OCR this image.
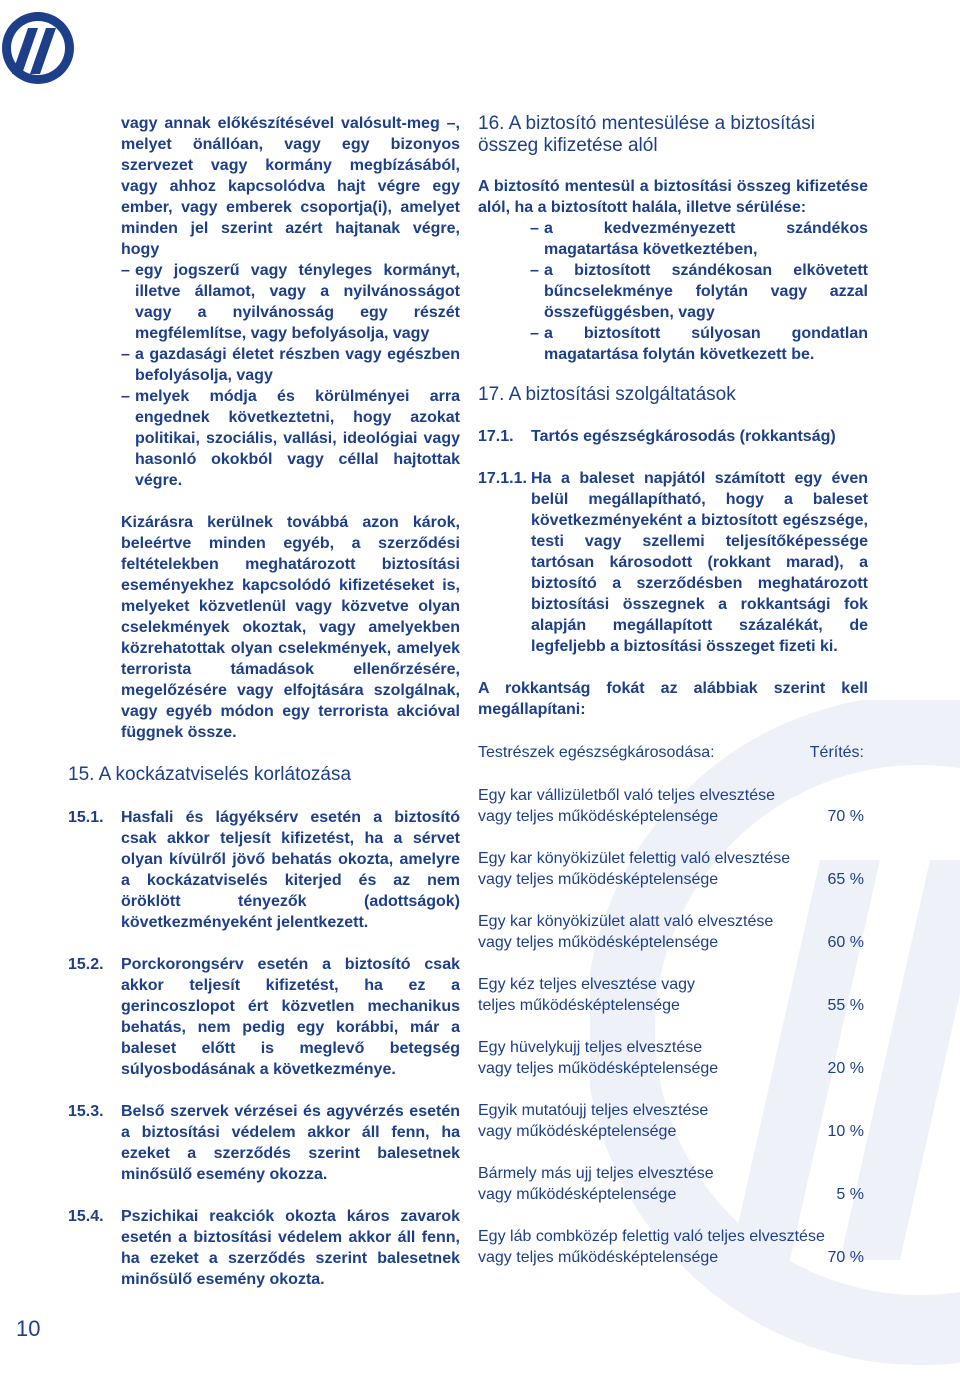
vagy annak előkészítésével valósult-meg –, melyet önállóan, vagy egy bizonyos szervezet vagy kormány megbízásából, vagy ahhoz kapcsolódva hajt végre egy ember, vagy emberek csoportja(i), amelyet minden jel szerint azért hajtanak végre, hogy

– egy jogszerű vagy tényleges kormányt, illetve államot, vagy a nyilvánosságot vagy a nyilvánosság egy részét megfélemlítse, vagy befolyásolja, vagy

– a gazdasági életet részben vagy egészben befolyásolja, vagy

– melyek módja és körülményei arra engednek következtetni, hogy azokat politikai, szociális, vallási, ideológiai vagy hasonló okokból vagy céllal hajtottak végre.

Kizárásra kerülnek továbbá azon károk, beleértve minden egyéb, a szerződési feltételekben meghatározott biztosítási eseményekhez kapcsolódó kifizetéseket is, melyeket közvetlenül vagy közvetve olyan cselekmények okoztak, vagy amelyekben közrehatottak olyan cselekmények, amelyek terrorista támadások ellenőrzésére, megelőzésére vagy elfojtására szolgálnak, vagy egyéb módon egy terrorista akcióval függnek össze.

15. A kockázatviselés korlátozása
15.1. Hasfali és lágyéksérv esetén a biztosító csak akkor teljesít kifizetést, ha a sérvet olyan kívülről jövő behatás okozta, amelyre a kockázatviselés kiterjed és az nem öröklött tényezők (adottságok) következményeként jelentkezett.
15.2. Porckorongsérv esetén a biztosító csak akkor teljesít kifizetést, ha ez a gerincoszlopot ért közvetlen mechanikus behatás, nem pedig egy korábbi, már a baleset előtt is meglevő betegség súlyosbodásának a következménye.
15.3. Belső szervek vérzései és agyvérzés esetén a biztosítási védelem akkor áll fenn, ha ezeket a szerződés szerint balesetnek minősülő esemény okozza.
15.4. Pszichikai reakciók okozta káros zavarok esetén a biztosítási védelem akkor áll fenn, ha ezeket a szerződés szerint balesetnek minősülő esemény okozta.
16. A biztosító mentesülése a biztosítási összeg kifizetése alól

A biztosító mentesül a biztosítási összeg kifizetése alól, ha a biztosított halála, illetve sérülése:

– a kedvezményezett szándékos magatartása következtében,

– a biztosított szándékosan elkövetett bűncselekménye folytán vagy azzal összefüggésben, vagy

– a biztosított súlyosan gondatlan magatartása folytán következett be.

17. A biztosítási szolgáltatások
17.1. Tartós egészségkárosodás (rokkantság)
17.1.1. Ha a baleset napjától számított egy éven belül megállapítható, hogy a baleset következményeként a biztosított egészsége, testi vagy szellemi teljesítőképessége tartósan károsodott (rokkant marad), a biztosító a szerződésben meghatározott biztosítási összegnek a rokkantsági fok alapján megállapított százalékát, de legfeljebb a biztosítási összeget fizeti ki.

A rokkantság fokát az alábbiak szerint kell megállapítani:

Testrészek egészségkárosodása:	Térítés:
Egy kar vállizületből való teljes elvesztése
vagy teljes működésképtelensége	70 %
Egy kar könyökizület felettig való elvesztése
vagy teljes működésképtelensége	65 %
Egy kar könyökizület alatt való elvesztése
vagy teljes működésképtelensége	60 %
Egy kéz teljes elvesztése vagy
teljes működésképtelensége	55 %
Egy hüvelykujj teljes elvesztése
vagy teljes működésképtelensége	20 %
Egyik mutatóujj teljes elvesztése
vagy működésképtelensége	10 %
Bármely más ujj teljes elvesztése
vagy működésképtelensége	5 %
Egy láb combközép felettig való teljes elvesztése
vagy teljes működésképtelensége	70 %
10
